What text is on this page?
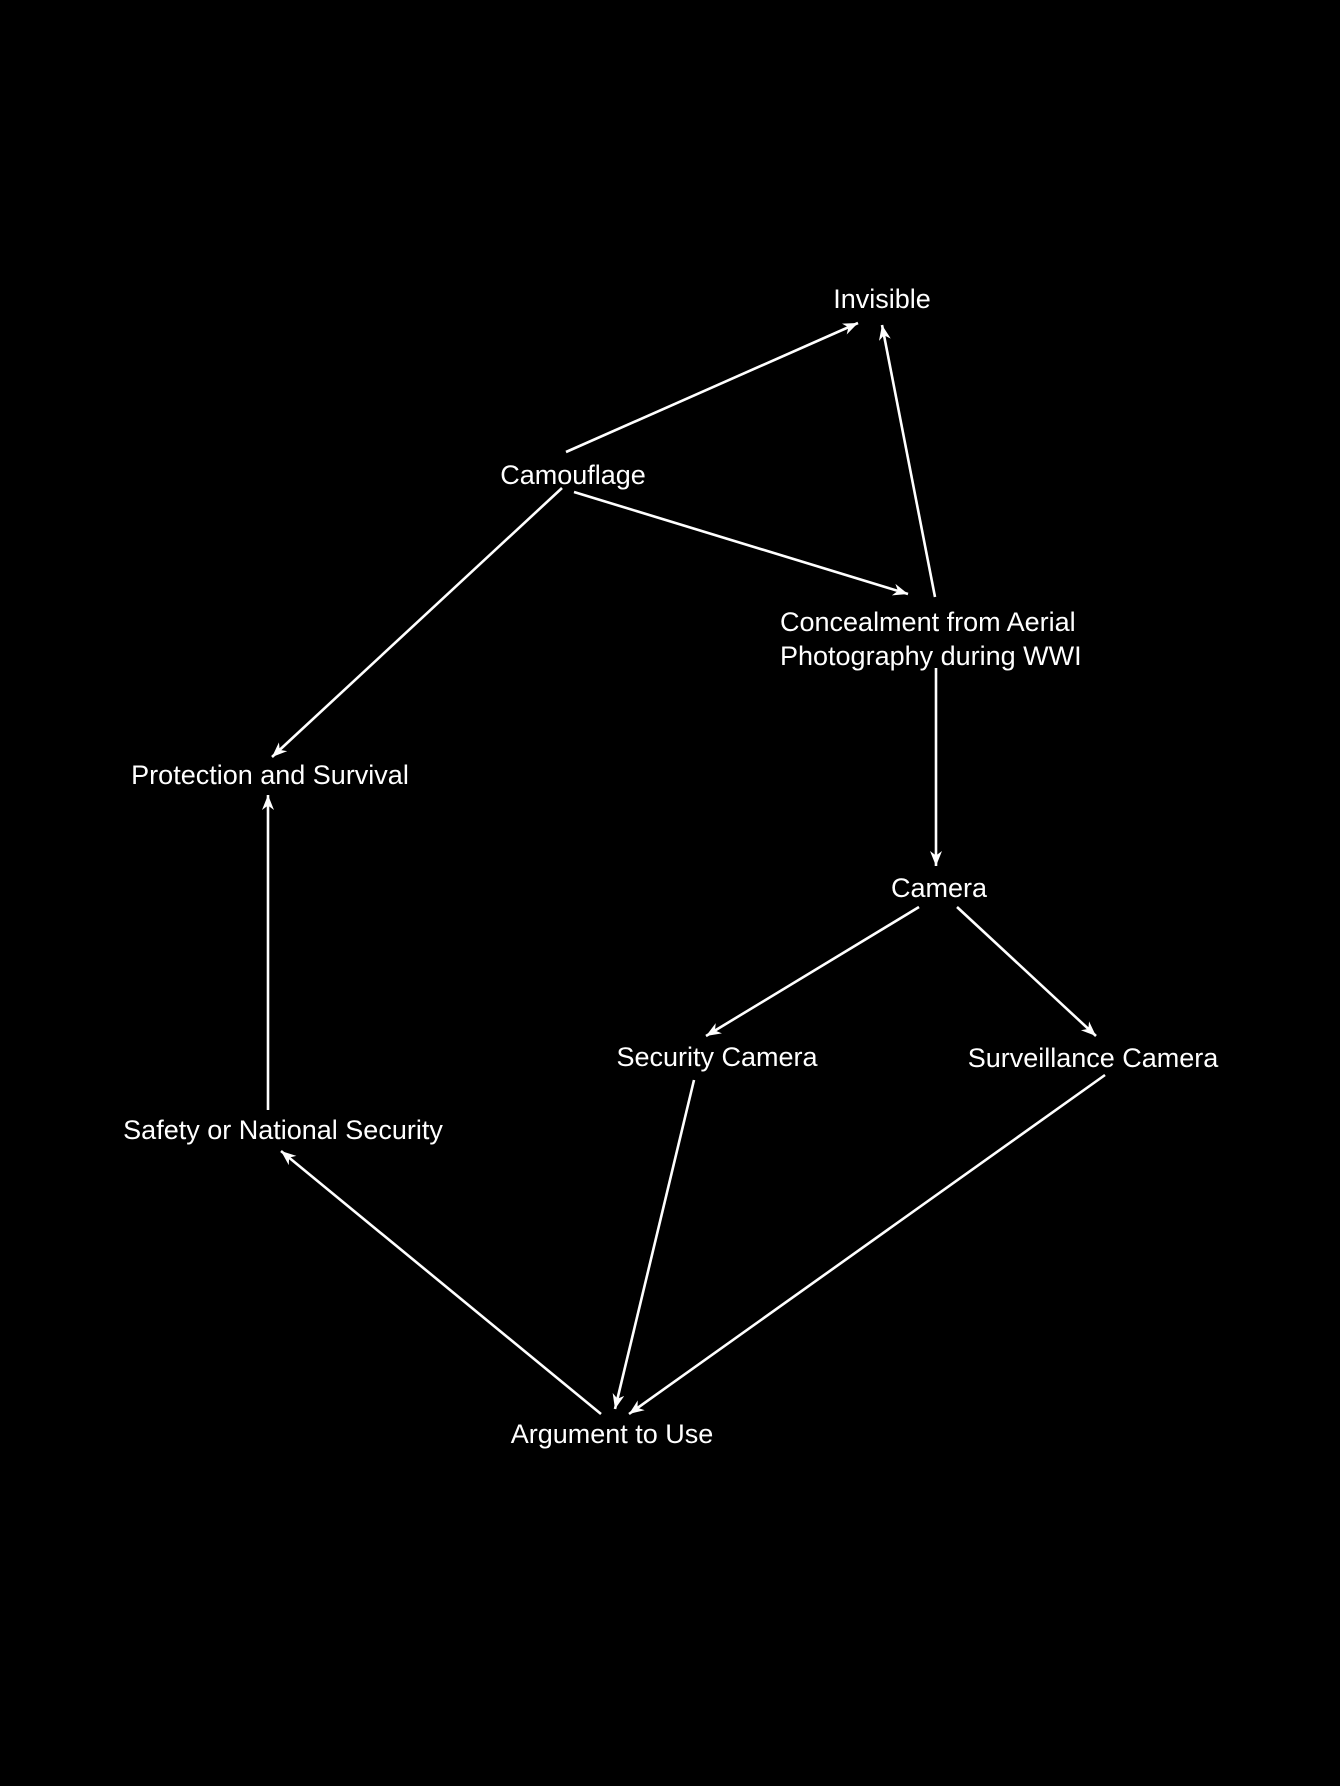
Invisible
Camouflage
Concealment from Aerial Photography during WWI
Protection and Survival
Camera
Security Camera	Surveillance Camera
Safety or National Security
Argument to Use
